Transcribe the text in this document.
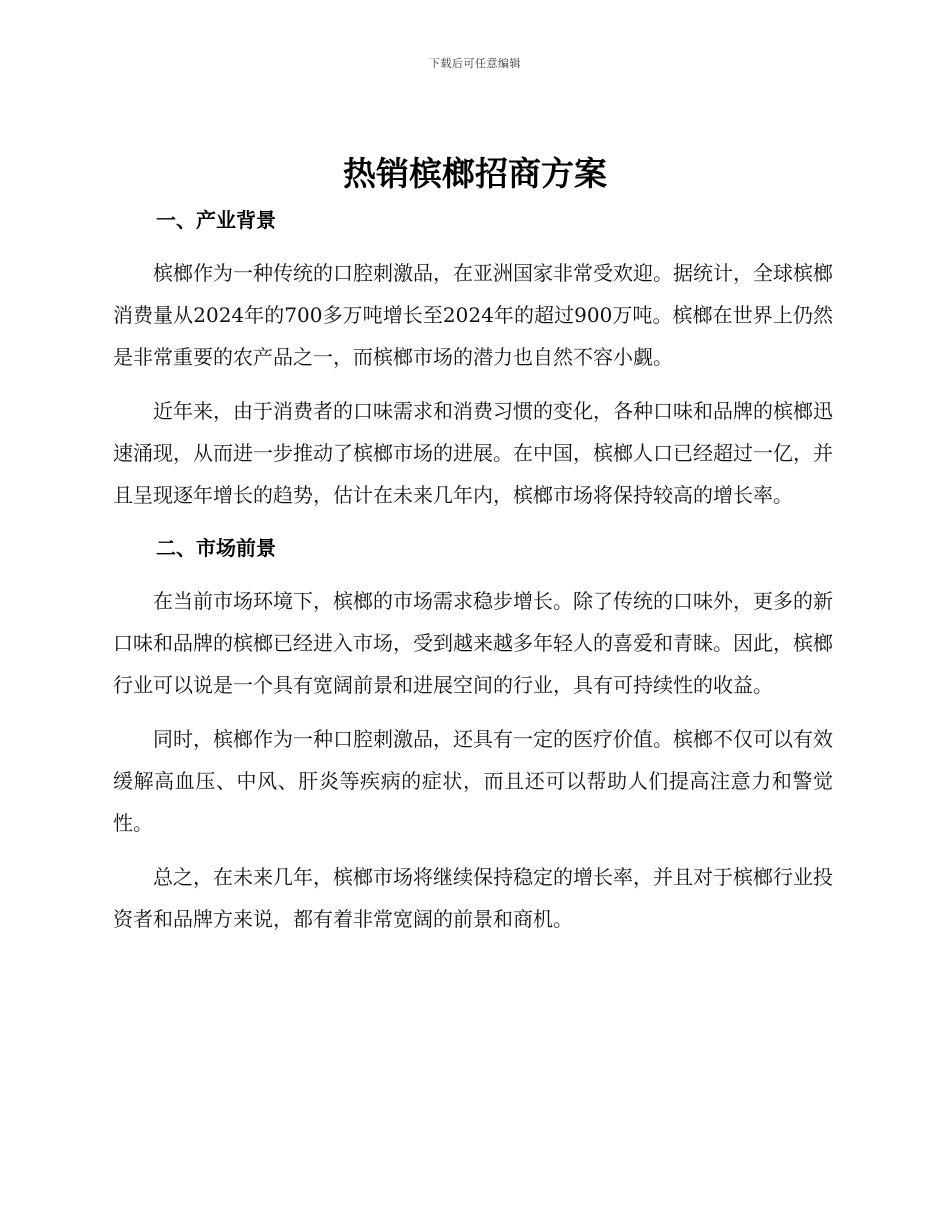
下载后可任意编辑
热销槟榔招商方案
一、产业背景

槟榔作为一种传统的口腔刺激品，在亚洲国家非常受欢迎。据统计，全球槟榔消费量从2024年的700多万吨增长至2024年的超过900万吨。槟榔在世界上仍然是非常重要的农产品之一，而槟榔市场的潜力也自然不容小觑。

近年来，由于消费者的口味需求和消费习惯的变化，各种口味和品牌的槟榔迅速涌现，从而进一步推动了槟榔市场的进展。在中国，槟榔人口已经超过一亿，并且呈现逐年增长的趋势，估计在未来几年内，槟榔市场将保持较高的增长率。

二、市场前景

在当前市场环境下，槟榔的市场需求稳步增长。除了传统的口味外，更多的新口味和品牌的槟榔已经进入市场，受到越来越多年轻人的喜爱和青睐。因此，槟榔行业可以说是一个具有宽阔前景和进展空间的行业，具有可持续性的收益。

同时，槟榔作为一种口腔刺激品，还具有一定的医疗价值。槟榔不仅可以有效缓解高血压、中风、肝炎等疾病的症状，而且还可以帮助人们提高注意力和警觉性。

总之，在未来几年，槟榔市场将继续保持稳定的增长率，并且对于槟榔行业投资者和品牌方来说，都有着非常宽阔的前景和商机。
